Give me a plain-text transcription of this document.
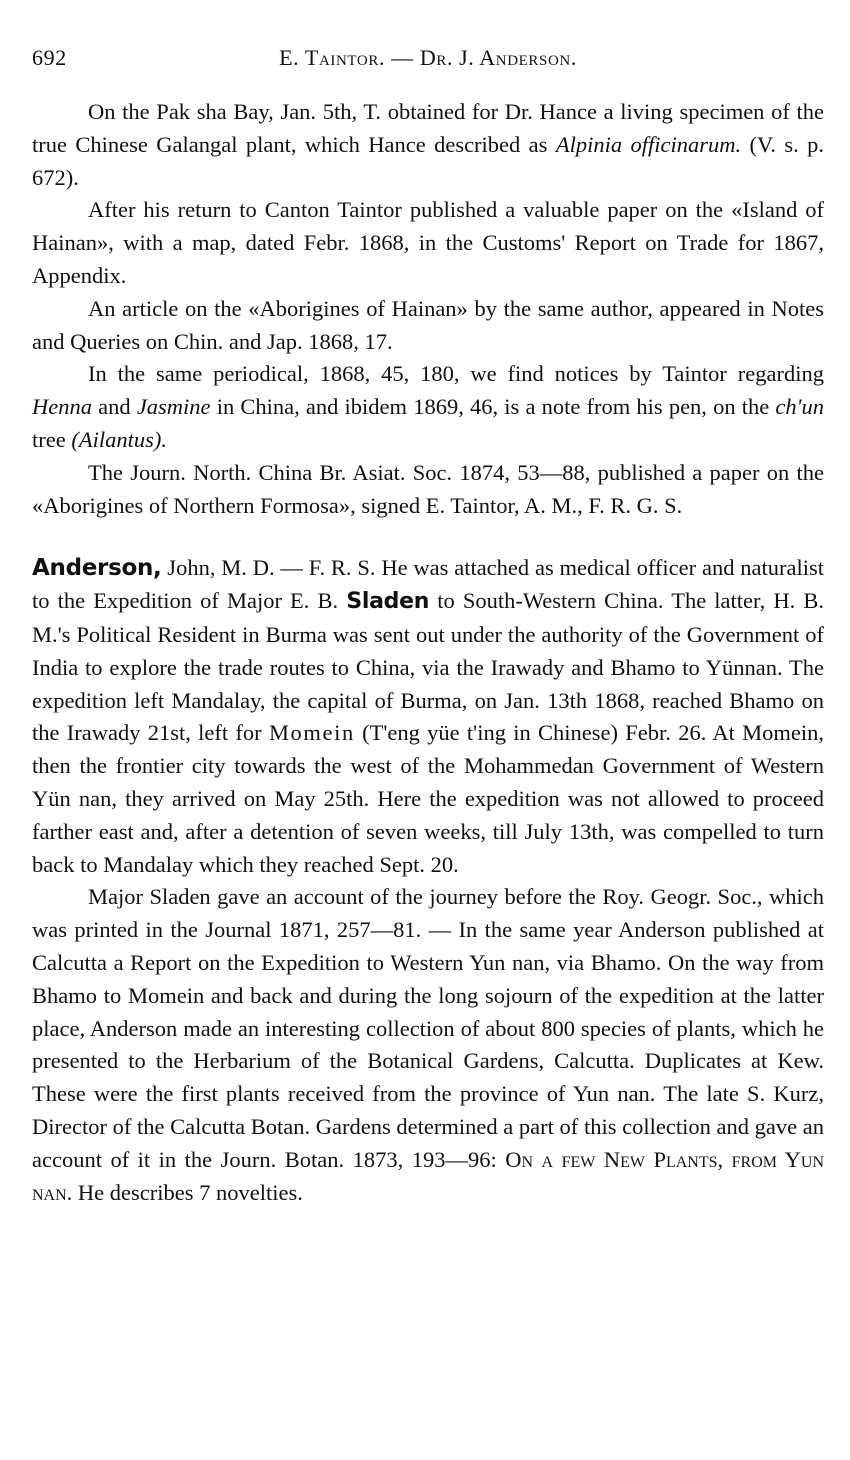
692	E. Taintor. — Dr. J. Anderson.

On the Pak sha Bay, Jan. 5th, T. obtained for Dr. Hance a living specimen of the true Chinese Galangal plant, which Hance described as Alpinia officinarum. (V. s. p. 672).

After his return to Canton Taintor published a valuable paper on the «Island of Hainan», with a map, dated Febr. 1868, in the Customs' Report on Trade for 1867, Appendix.

An article on the «Aborigines of Hainan» by the same author, appeared in Notes and Queries on Chin. and Jap. 1868, 17.

In the same periodical, 1868, 45, 180, we find notices by Taintor regarding Henna and Jasmine in China, and ibidem 1869, 46, is a note from his pen, on the ch'un tree (Ailantus).

The Journ. North. China Br. Asiat. Soc. 1874, 53—88, published a paper on the «Aborigines of Northern Formosa», signed E. Taintor, A. M., F. R. G. S.

Anderson, John, M. D. — F. R. S. He was attached as medical officer and naturalist to the Expedition of Major E. B. Sladen to South-Western China. The latter, H. B. M.'s Political Resident in Burma was sent out under the authority of the Government of India to explore the trade routes to China, via the Irawady and Bhamo to Yünnan. The expedition left Mandalay, the capital of Burma, on Jan. 13th 1868, reached Bhamo on the Irawady 21st, left for Momein (T'eng yüe t'ing in Chinese) Febr. 26. At Momein, then the frontier city towards the west of the Mohammedan Government of Western Yün nan, they arrived on May 25th. Here the expedition was not allowed to proceed farther east and, after a detention of seven weeks, till July 13th, was compelled to turn back to Mandalay which they reached Sept. 20.

Major Sladen gave an account of the journey before the Roy. Geogr. Soc., which was printed in the Journal 1871, 257—81. — In the same year Anderson published at Calcutta a Report on the Expedition to Western Yun nan, via Bhamo. On the way from Bhamo to Momein and back and during the long sojourn of the expedition at the latter place, Anderson made an interesting collection of about 800 species of plants, which he presented to the Herbarium of the Botanical Gardens, Calcutta. Duplicates at Kew. These were the first plants received from the province of Yun nan. The late S. Kurz, Director of the Calcutta Botan. Gardens determined a part of this collection and gave an account of it in the Journ. Botan. 1873, 193—96: On a few New Plants, from Yun nan. He describes 7 novelties.
